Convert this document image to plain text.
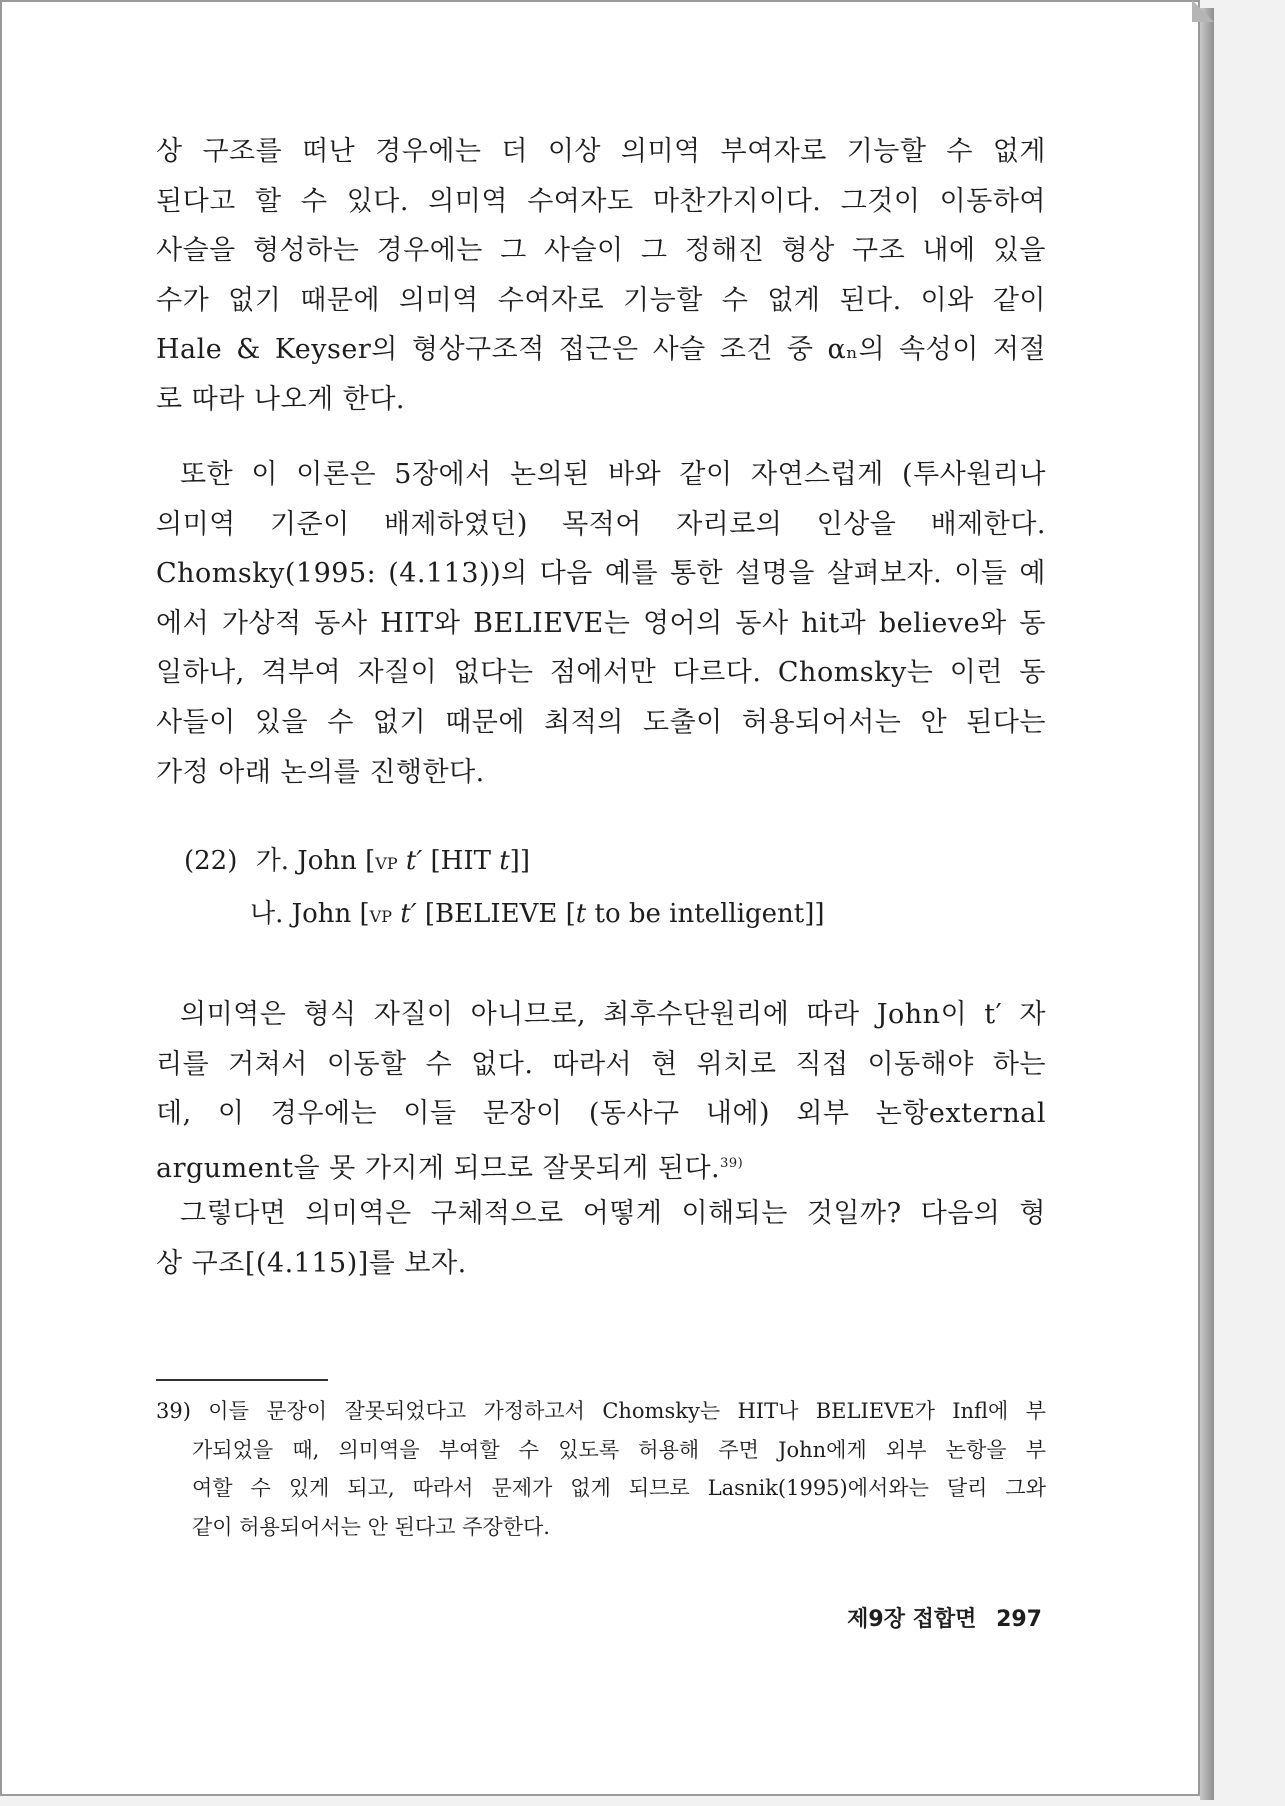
상 구조를 떠난 경우에는 더 이상 의미역 부여자로 기능할 수 없게
된다고 할 수 있다. 의미역 수여자도 마찬가지이다. 그것이 이동하여
사슬을 형성하는 경우에는 그 사슬이 그 정해진 형상 구조 내에 있을
수가 없기 때문에 의미역 수여자로 기능할 수 없게 된다. 이와 같이
Hale & Keyser의 형상구조적 접근은 사슬 조건 중 αₙ의 속성이 저절
로 따라 나오게 한다.
또한 이 이론은 5장에서 논의된 바와 같이 자연스럽게 (투사원리나
의미역 기준이 배제하였던) 목적어 자리로의 인상을 배제한다.
Chomsky(1995: (4.113))의 다음 예를 통한 설명을 살펴보자. 이들 예
에서 가상적 동사 HIT와 BELIEVE는 영어의 동사 hit과 believe와 동
일하나, 격부여 자질이 없다는 점에서만 다르다. Chomsky는 이런 동
사들이 있을 수 없기 때문에 최적의 도출이 허용되어서는 안 된다는
가정 아래 논의를 진행한다.
(22) 가. John [VP t′ [HIT t]]
나. John [VP t′ [BELIEVE [t to be intelligent]]
의미역은 형식 자질이 아니므로, 최후수단원리에 따라 John이 t′ 자
리를 거쳐서 이동할 수 없다. 따라서 현 위치로 직접 이동해야 하는
데, 이 경우에는 이들 문장이 (동사구 내에) 외부 논항external
argument을 못 가지게 되므로 잘못되게 된다.$^{39)}$
그렇다면 의미역은 구체적으로 어떻게 이해되는 것일까? 다음의 형
상 구조[(4.115)]를 보자.
39) 이들 문장이 잘못되었다고 가정하고서 Chomsky는 HIT나 BELIEVE가 Infl에 부
가되었을 때, 의미역을 부여할 수 있도록 허용해 주면 John에게 외부 논항을 부
여할 수 있게 되고, 따라서 문제가 없게 되므로 Lasnik(1995)에서와는 달리 그와
같이 허용되어서는 안 된다고 주장한다.
제9장 접합면 297
